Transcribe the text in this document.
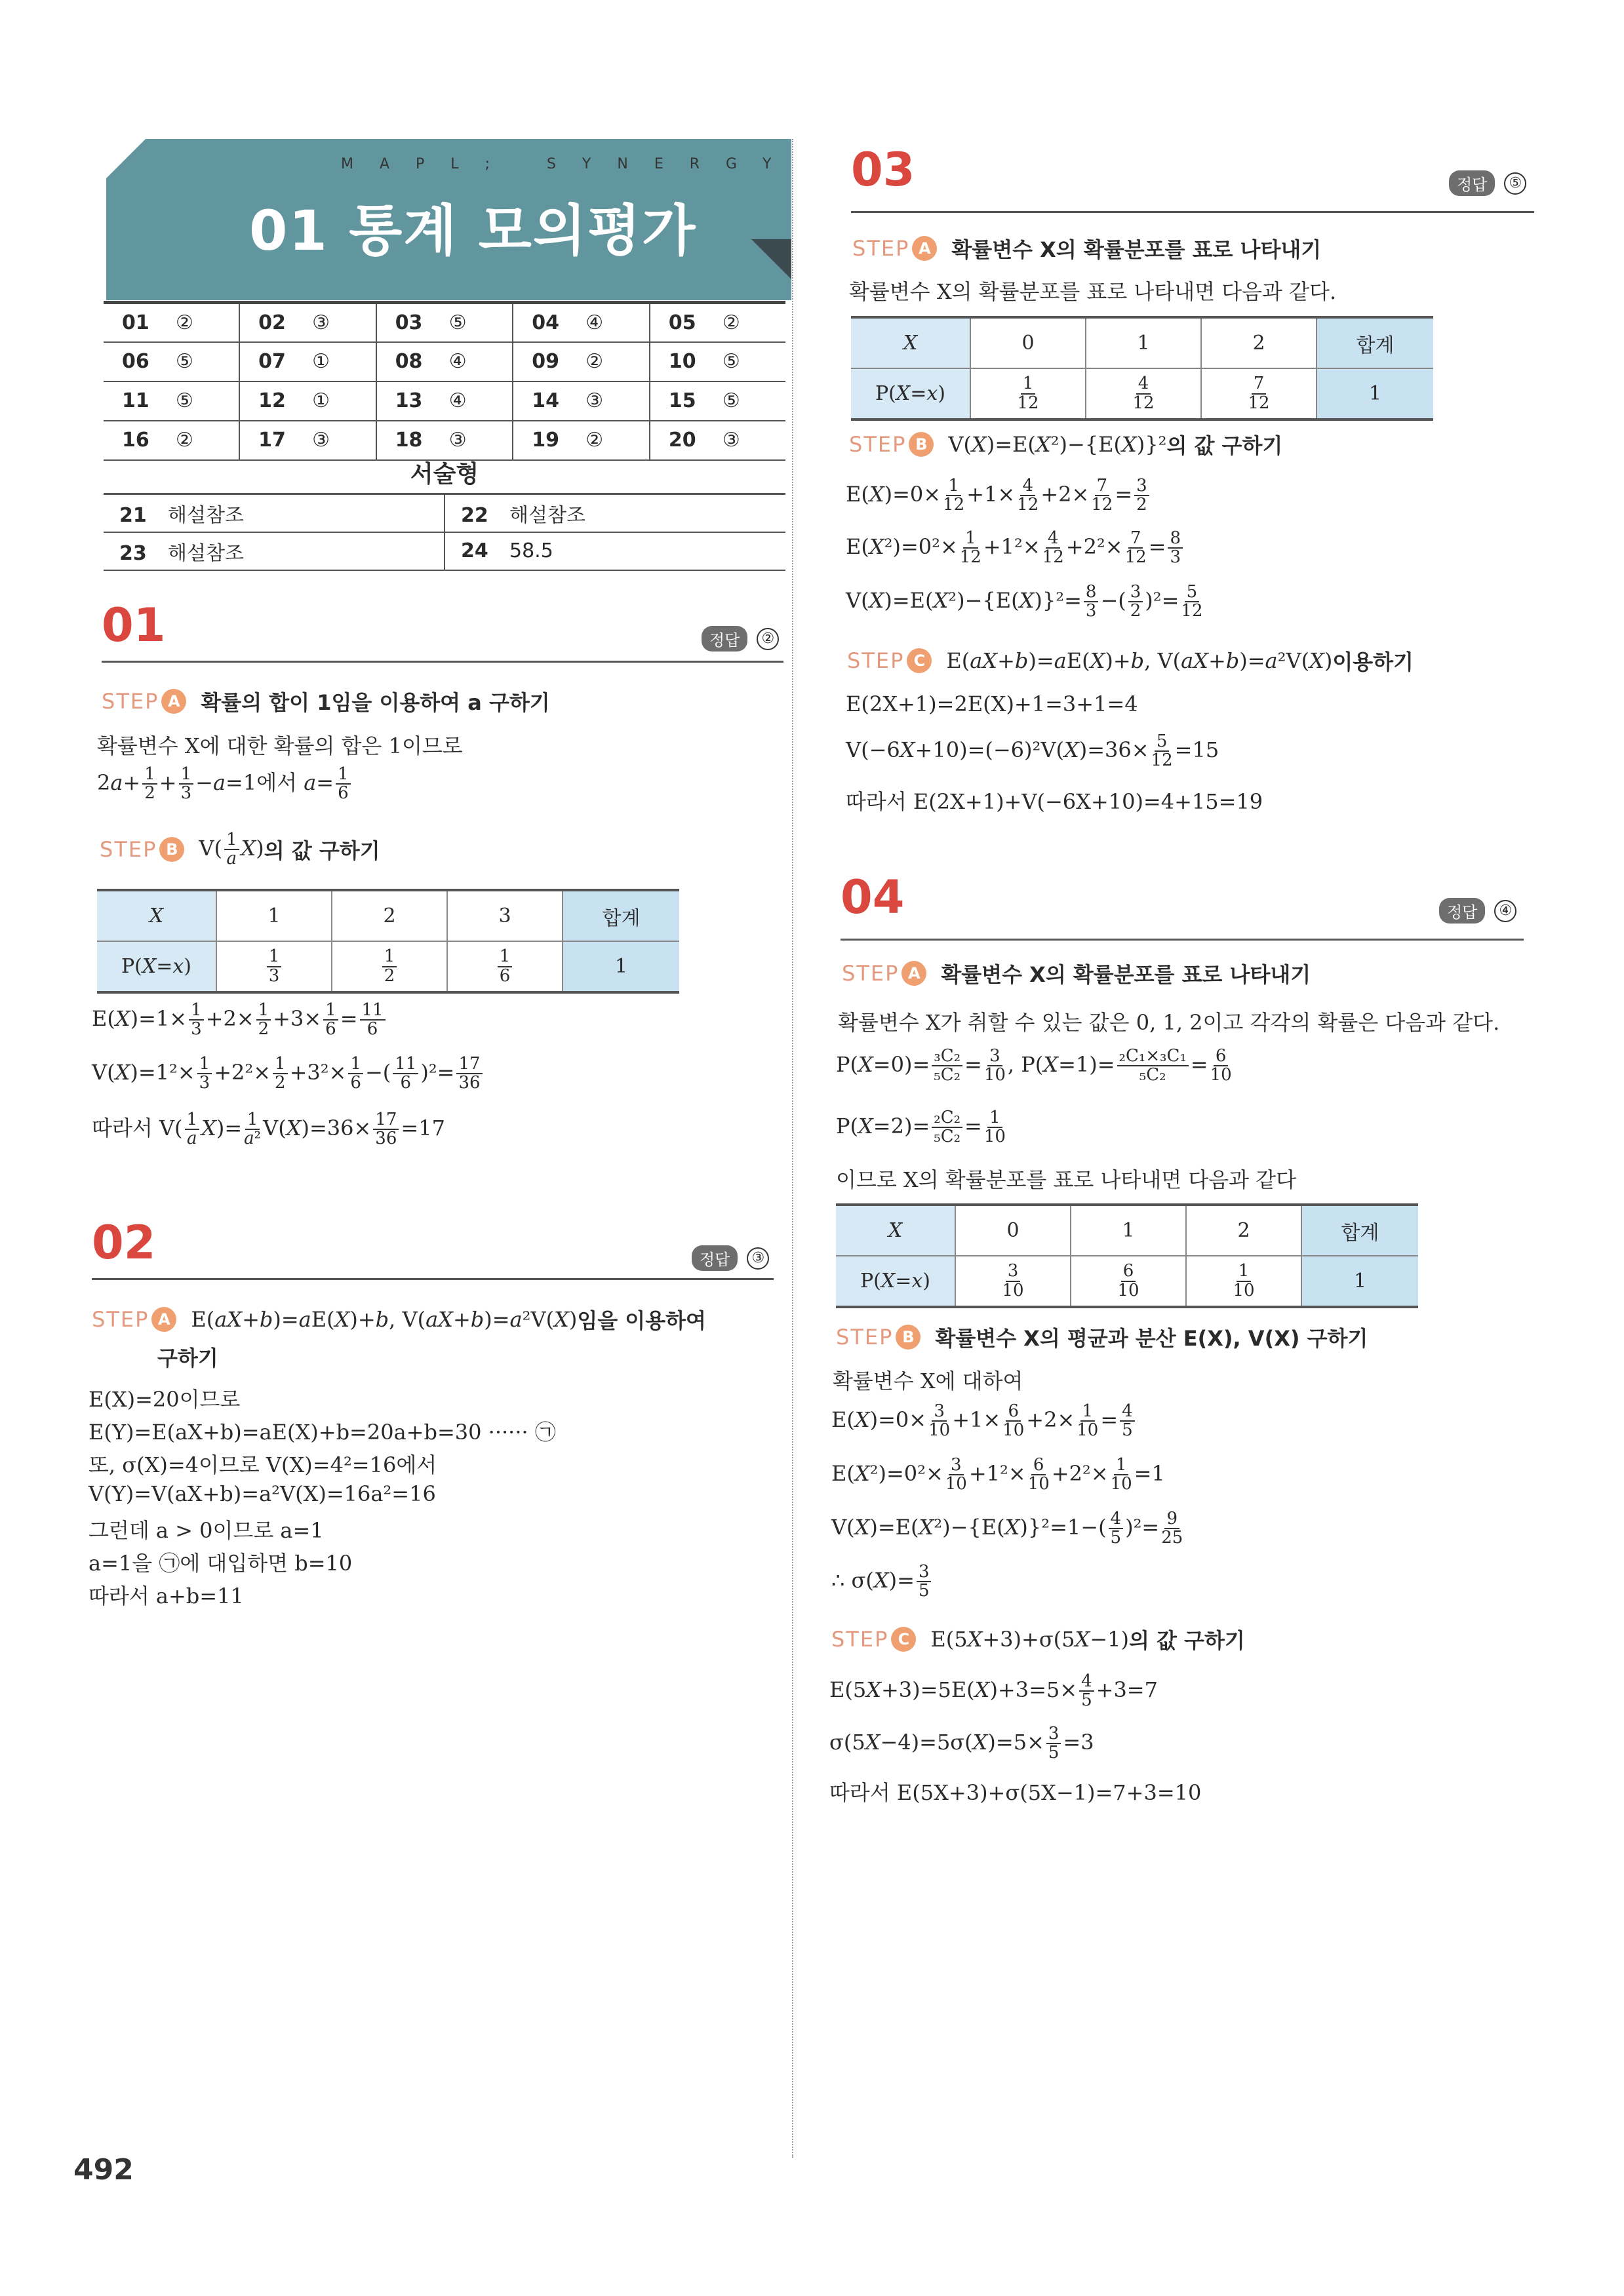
MAPL; SYNERGY
01 통계 모의평가
01 ②	02 ③	03 ⑤	04 ④	05 ②
06 ⑤	07 ①	08 ④	09 ②	10 ⑤
11 ⑤	12 ①	13 ④	14 ③	15 ⑤
16 ②	17 ③	18 ③	19 ②	20 ③
서술형
21 해설참조	22 해설참조
23 해설참조	24 58.5
01	정답	②
STEP A 확률의 합이 1임을 이용하여 a 구하기
확률변수 X에 대한 확률의 합은 1이므로
$2a+ \frac{1}{2} + \frac{1}{3} -a=1$에서 $a= \frac{1}{6}$
STEP B $V( \frac{1}{a} X)$ 의 값 구하기
X	1	2	3	합계
P(X=x)	$\frac{1}{3}$	$\frac{1}{2}$	$\frac{1}{6}$	1
$E(X)=1\times \frac{1}{3} +2\times \frac{1}{2} +3\times \frac{1}{6} = \frac{11}{6}$
$V(X)=1^2\times \frac{1}{3} +2^2\times \frac{1}{2} +3^2\times \frac{1}{6}$ −( $\frac{11}{6} )^2= \frac{17}{36}$
따라서 $V( \frac{1}{a} X)= \frac{1}{\text{a²}} V(X)=36\times \frac{17}{36} =17$
02	정답	③
STEP A E(aX+b)=aE(X)+b, V(aX+b)=a²V(X) 임을 이용하여
구하기
E(X)=20이므로
E(Y)=E(aX+b)=aE(X)+b=20a+b=30 ······ ㉠
또, σ(X)=4이므로 V(X)=4²=16에서
V(Y)=V(aX+b)=a²V(X)=16a²=16
그런데 a > 0이므로 a=1
a=1을 ㉠에 대입하면 b=10
따라서 a+b=11
03	정답	⑤
STEP A 확률변수 X의 확률분포를 표로 나타내기
확률변수 X의 확률분포를 표로 나타내면 다음과 같다.
X	0	1	2	합계
P(X=x)	$\frac{1}{12}$	$\frac{4}{12}$	$\frac{7}{12}$	1
STEP B V(X)=E(X²)−{E(X)}² 의 값 구하기
$E(X)=0\times \frac{1}{12} +1\times \frac{4}{12} +2\times \frac{7}{12} = \frac{3}{2}$
$E(X^2)=0^2\times \frac{1}{12} +1^2\times \frac{4}{12} +2^2\times \frac{7}{12} = \frac{8}{3}$
$V(X)=E(X^2)-\{E(X)\}^2= \frac{8}{3}$ −( $\frac{3}{2} )^2= \frac{5}{12}$
STEP C	E(aX+b)=aE(X)+b, V(aX+b)=a²V(X) 이용하기
E(2X+1)=2E(X)+1=3+1=4
$V(-6X+10)=(-6)^2V(X)=36\times \frac{5}{12} =15$
따라서 E(2X+1)+V(−6X+10)=4+15=19
04	정답	④
STEP A 확률변수 X의 확률분포를 표로 나타내기
확률변수 X가 취할 수 있는 값은 0, 1, 2이고 각각의 확률은 다음과 같다.
$P(X=0)= \frac{\text{₃C₂}}{\text{₅C₂}} = \frac{3}{10}$ , $P(X=1)= \frac{\text{₂C₁×₃C₁}}{\text{₅C₂}} = \frac{6}{10}$
$P(X=2)= \frac{\text{₂C₂}}{\text{₅C₂}} = \frac{1}{10}$
이므로 X의 확률분포를 표로 나타내면 다음과 같다
X	0	1	2	합계
P(X=x)	$\frac{3}{10}$	$\frac{6}{10}$	$\frac{1}{10}$	1
STEP B 확률변수 X의 평균과 분산 E(X), V(X) 구하기
확률변수 X에 대하여
$E(X)=0\times \frac{3}{10} +1\times \frac{6}{10} +2\times \frac{1}{10} = \frac{4}{5}$
$E(X^2)=0^2\times \frac{3}{10} +1^2\times \frac{6}{10} +2^2\times \frac{1}{10} =1$
$V(X)=E(X^2)-\{E(X)\}^2=1-( \frac{4}{5} )^2= \frac{9}{25}$
∴ $\sigma(X)= \frac{3}{5}$
STEP C	E(5X+3)+σ(5X−1) 의 값 구하기
$E(5X+3)=5E(X)+3=5\times \frac{4}{5} +3=7$
$\sigma(5X-4)=5\sigma(X)=5\times \frac{3}{5} =3$
따라서 E(5X+3)+σ(5X−1)=7+3=10
492
